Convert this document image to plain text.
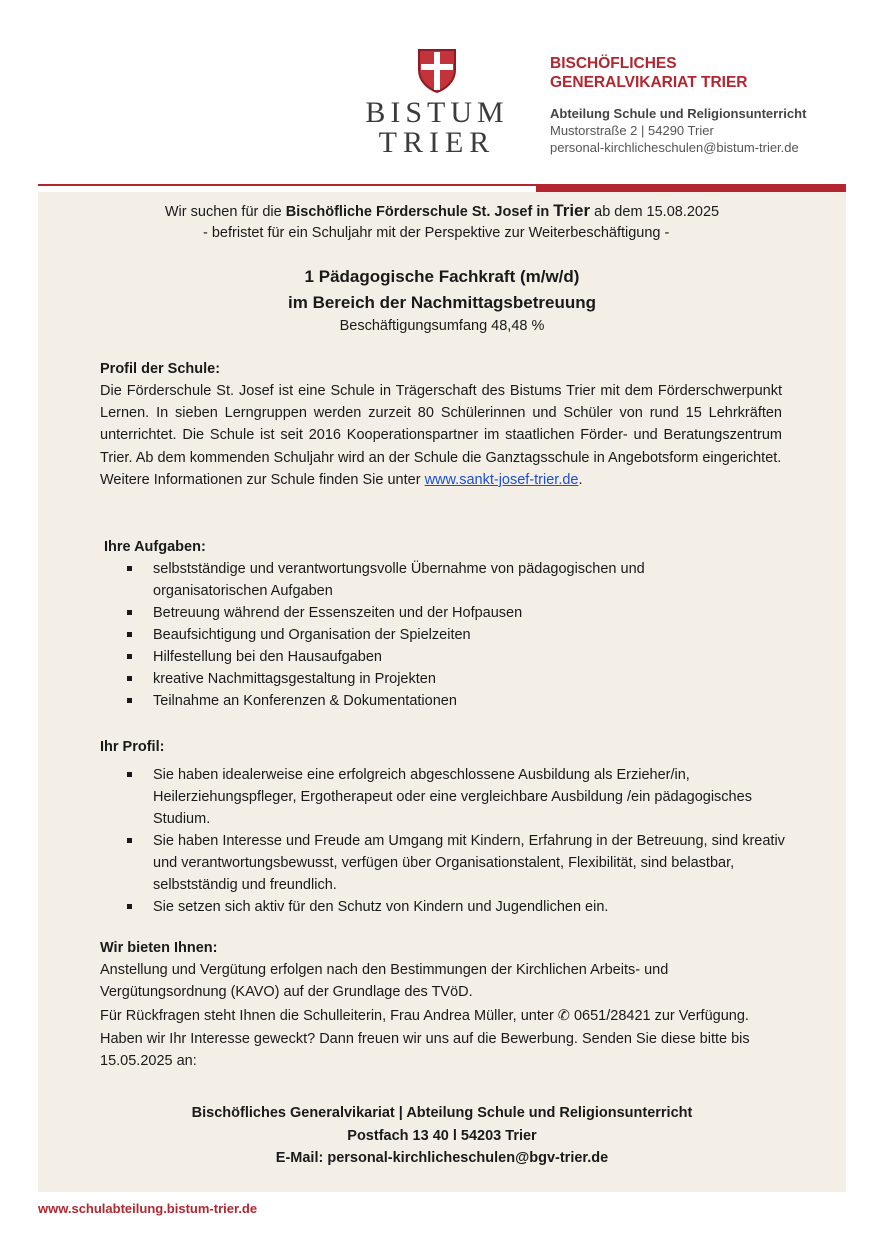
BISTUM
TRIER
BISCHÖFLICHES
GENERALVIKARIAT TRIER
Abteilung Schule und Religionsunterricht
Mustorstraße 2 | 54290 Trier
personal-kirchlicheschulen@bistum-trier.de
Wir suchen für die Bischöfliche Förderschule St. Josef in Trier ab dem 15.08.2025
- befristet für ein Schuljahr mit der Perspektive zur Weiterbeschäftigung -
1 Pädagogische Fachkraft (m/w/d)
im Bereich der Nachmittagsbetreuung
Beschäftigungsumfang 48,48 %
Profil der Schule:
Die Förderschule St. Josef ist eine Schule in Trägerschaft des Bistums Trier mit dem Förderschwerpunkt Lernen. In sieben Lerngruppen werden zurzeit 80 Schülerinnen und Schüler von rund 15 Lehrkräften unterrichtet. Die Schule ist seit 2016 Kooperationspartner im staatlichen Förder- und Beratungszentrum Trier. Ab dem kommenden Schuljahr wird an der Schule die Ganztagsschule in Angebotsform eingerichtet.
Weitere Informationen zur Schule finden Sie unter www.sankt-josef-trier.de.
Ihre Aufgaben:
selbstständige und verantwortungsvolle Übernahme von pädagogischen und organisatorischen Aufgaben
Betreuung während der Essenszeiten und der Hofpausen
Beaufsichtigung und Organisation der Spielzeiten
Hilfestellung bei den Hausaufgaben
kreative Nachmittagsgestaltung in Projekten
Teilnahme an Konferenzen & Dokumentationen
Ihr Profil:
Sie haben idealerweise eine erfolgreich abgeschlossene Ausbildung als Erzieher/in, Heilerziehungspfleger, Ergotherapeut oder eine vergleichbare Ausbildung /ein pädagogisches Studium.
Sie haben Interesse und Freude am Umgang mit Kindern, Erfahrung in der Betreuung, sind kreativ und verantwortungsbewusst, verfügen über Organisationstalent, Flexibilität, sind belastbar, selbstständig und freundlich.
Sie setzen sich aktiv für den Schutz von Kindern und Jugendlichen ein.
Wir bieten Ihnen:
Anstellung und Vergütung erfolgen nach den Bestimmungen der Kirchlichen Arbeits- und Vergütungsordnung (KAVO) auf der Grundlage des TVöD.
Für Rückfragen steht Ihnen die Schulleiterin, Frau Andrea Müller, unter ✆ 0651/28421 zur Verfügung.
Haben wir Ihr Interesse geweckt? Dann freuen wir uns auf die Bewerbung. Senden Sie diese bitte bis 15.05.2025 an:
Bischöfliches Generalvikariat | Abteilung Schule und Religionsunterricht
Postfach 13 40 l 54203 Trier
E-Mail: personal-kirchlicheschulen@bgv-trier.de
www.schulabteilung.bistum-trier.de
